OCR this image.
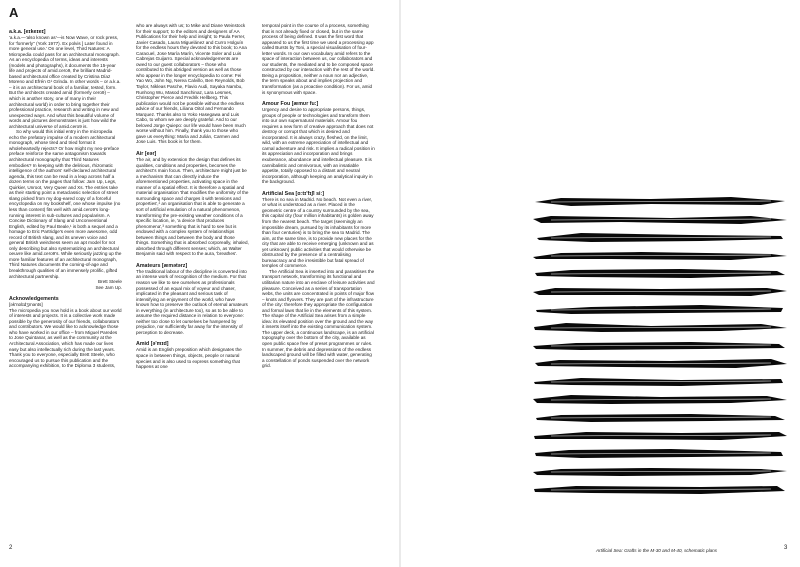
A
a.k.a. [eɪkeɪeɪ]

'a.k.a.—'also known as'—is Now Wave, or rock press, for 'formerly'' (York 1977). Ex polvis ] Later found in more general use.' On one level, Third Natures: A Micropedia could pass for an architectural monograph. As an encyclopedia of terms, ideas and interests (models and photographs), it documents the 15-year life and projects of amid.cero9, the brilliant Madrid-based architectural office created by Cristina Díaz Moreno and Efrén G¹ Grinda. In other words – or a.k.a. – it is an architectural book of a familiar, tested, form. But the architects created amid (formerly cero9) – which is another story, one of many in their architectural world) in order to bring together their professional practice, research and writing in new and unexpected ways. And what this beautiful volume of words and pictures demonstrates is just how wild the architectural universe of amid.cero9 is.

So why would this initial entry in the micropedia echo the prefatory impulse of a modern architectural monograph, whose tired and tried format it wholeheartedly rejects? Or how might my neo-preface preface reinforce the same antagonism towards architectural monography that Third Natures embodies? In keeping with the delirious, rhizomatic intelligence of the authors' self-declared architectural agenda, this text can be read in a leap across half a dozen terms on the pages that follow: Jam Up, Legs, Quirkier, Unroot, Very Queer and Xs. The entries take as their starting point a metaclassic selection of street slang picked from my dog-eared copy of a forceful encyclopedia on my bookshelf, one whose impulse (no less than content) fits well with amid.cero9's long-running interest in sub-cultures and popularism. A Concise Dictionary of Slang and Unconventional English, edited by Paul Beale,¹ is both a sequel and a homage to Eric Partridge's even more awesome, odd record of British slang, and its uneven voice and general British weirdness seem an apt model for not only describing but also systematizing an architectural oeuvre like amid.cero9's. While seriously jazzing up the more familiar features of an architectural monograph, Third Natures documents the coming-of-age and breakthrough qualities of an immensely prolific, gifted architectural partnership.

Brett Steele

See Jam Up.

Acknowledgements
[ək'nɒlɪdʒmənts]

The micropedia you now hold is a book about our world of interests and projects. It is a collective work made possible by the generosity of our friends, collaborators and contributors. We would like to acknowledge those who have worked in our office – from Miguel Paredes to Jose Quintanar, as well as the community at the Architectural Association, which has made our lives easy but also intellectually rich during the last years. Thank you to everyone, especially Brett Steele, who encouraged us to pursue this publication and the accompanying exhibition, to the Diploma 3 students,

who are always with us; to Mike and Diane Weinstock for their support; to the editors and designers of AA Publications for their help and insight; to Paula Ferrer, Javier Casado, Laura Miguelánez and Curro Holguín for the endless hours they devoted to this book; to Ana Caracuel, Jose María Marín, Vicente Soler and Luis Cabrejas Guijarro. Special acknowledgements are owed to our guest collaborators – those who contributed to this abridged version as well as those who appear in the longer encyclopedia to come: Fei Yao Wo, John Ng, Nerea Calvillo, Ben Reynolds, Bob Taylor, Nikleas Pasche, Flavio Audi, Sayaka Nambu, Runhong Wu, Masod Sanchinaz, Lara Lesmes, Christopher Pierce and Fredrik Hellberg. This publication would not be possible without the endless advice of our friends, Liliana Oitol and Fernando Marquez. Thanks also to Yoko Hasegawa and Luis Cabo, to whom we are deeply grateful. And to our beloved Jorge Quiepo: our life would have been much worse without him. Finally, thank you to those who gave us everything: María and Julián, Carmen and Jose Luis. This book is for them.

Air [eər]

The air, and by extension the design that defines its qualities, conditions and properties, becomes the architect's main focus. Then, architecture might just be a mechanism that can directly induce the aforementioned properties, activating space in the manner of a spatial effect. It is therefore a spatial and material organisation 'that modifies the uniformity of the surrounding space and charges it with tensions and properties',² an organisation that is able to generate a sort of artificial emulation of a natural phenomenon, transforming the pre-existing weather conditions of a specific location, ie, 'a device that produces phenomena',³ something that is hard to see but is endowed with a complex system of relationships between things and between the body and those things. Something that is absorbed corporeally, inhaled, absorbed through different senses; which, as Walter Benjamin said with respect to the aura, 'breathes'.

Amateurs [æmətərz]

The traditional labour of the discipline is converted into an intense work of recognition of the medium. For that reason we like to see ourselves as professionals possessed of an equal mix of voyeur and chaser, implicated in the pleasant and serious task of intensifying an enjoyment of the world, who have known how to preserve the outlook of eternal amateurs in everything (in architecture too), so as to be able to assume the required distance in relation to everyone: neither too close to let ourselves be hampered by prejudice, nor sufficiently far away for the intensity of perception to decrease.

Amid [ə'mɪd]

Amid is an English preposition which designates the space in between things, objects, people or natural species and is also used to express something that happens at one

temporal point in the course of a process, something that is not already fixed or closed, but in the same process of being defined. It was the first word that appeared to us the first time we used a processing app called Bursts by Toni, a special visualisation of four-letter words. In our own vocabulary amid refers to the space of interaction between us, our collaborators and our students, the mediated and to be composed space constructed by our interaction with the rest of the world. Being a proposition, neither a noun nor an adjective, the term speaks about and implies projection and transformation (as a proactive condition). For us, amid is synonymous with space.

Amour Fou [æmʊr fu:]

Urgency and desire to appropriate persons, things, groups of people or technologies and transform them into our own supernatural materials. Amour fou requires a new form of creative approach that does not destroy or corrupt that which is desired and incorporated. It is always crazy, fleshed, on the limit, wild, with an extreme appreciation of intellectual and carnal adventure and risk. It implies a radical position in its appreciation and incorporation and brings exuberance, abundance and intellectual pleasure. It is cannibalistic and omnivorous, with an insatiable appetite, totally opposed to a distant and neutral incorporation, although keeping an analytical inquiry in the background.

Artificial Sea [ɑːtɪ'fɪʃl siː]

There is no sea in Madrid. No beach. Not even a river, or what is understood as a river. Placed in the geometric centre of a country surrounded by the sea, this capital city (four million inhabitants) is golden away from the nearest beach. The target (seemingly an impossible dream, pursued by its inhabitants for more than four centuries) is to bring the sea to Madrid. The aim, at the same time, is to provide new places for the city that are able to receive emerging (unknown and as yet unknown) public activities that would otherwise be obstructed by the presence of a centralising bureaucracy and the irresistible but fatal spread of temples of commerce.

The Artificial Sea is inserted into and parasitises the transport network, transforming its functional and utilitarian nature into an enclave of leisure activities and pleasure. Conceived as a series of transportation webs, the units are concentrated in points of major flow – knots and flyovers. They are part of the infrastructure of the city: therefore they appropriate the configuration and formal laws that lie in the elements of this system. The shape of the Artificial Sea arises from a simple idea: its elevated position over the ground and the way it inserts itself into the existing communication system. The upper deck, a continuous landscape, is an artificial topography over the bottom of the city, available as open public space free of preset programmes or rules. In summer, the debris and depressions of the endless landscaped ground will be filled with water, generating a constellation of ponds suspended over the network grid.

Artificial Sea: Grafts in the M-30 and M-40, schematic plans
2	3
